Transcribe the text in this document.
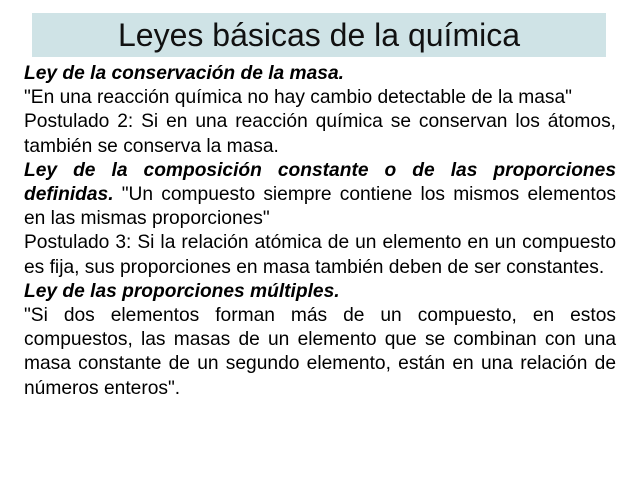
Leyes básicas de la química

Ley de la conservación de la masa.

"En una reacción química no hay cambio detectable de la masa"

Postulado 2: Si en una reacción química se conservan los átomos, también se conserva la masa.

Ley de la composición constante o de las proporciones definidas. "Un compuesto siempre contiene los mismos elementos en las mismas proporciones"

Postulado 3: Si la relación atómica de un elemento en un compuesto es fija, sus proporciones en masa también deben de ser constantes.

Ley de las proporciones múltiples.

"Si dos elementos forman más de un compuesto, en estos compuestos, las masas de un elemento que se combinan con una masa constante de un segundo elemento, están en una relación de números enteros".
